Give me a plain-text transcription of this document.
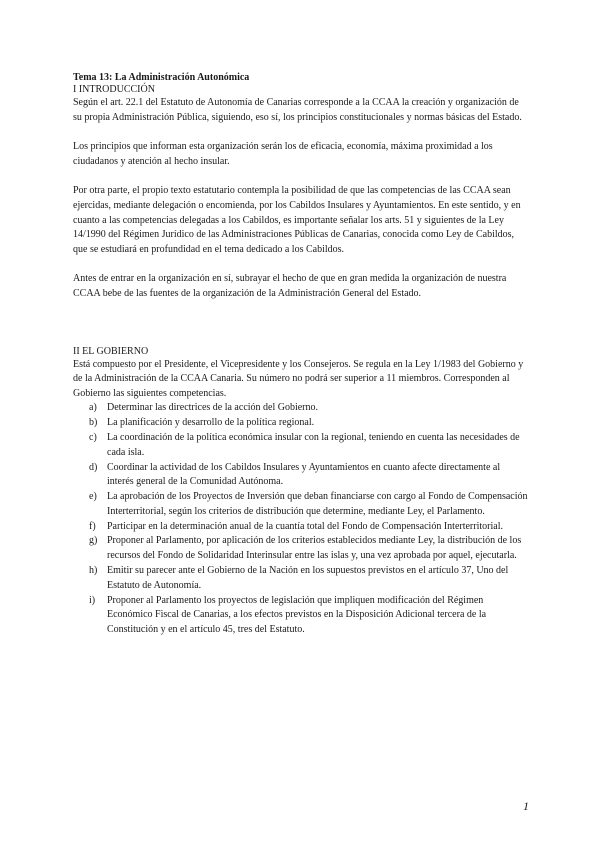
Tema 13: La Administración Autonómica
I INTRODUCCIÓN

Según el art. 22.1 del Estatuto de Autonomía de Canarias corresponde a la CCAA la creación y organización de su propia Administración Pública, siguiendo, eso sí, los principios constitucionales y normas básicas del Estado.

Los principios que informan esta organización serán los de eficacia, economía, máxima proximidad a los ciudadanos y atención al hecho insular.

Por otra parte, el propio texto estatutario contempla la posibilidad de que las competencias de las CCAA sean ejercidas, mediante delegación o encomienda, por los Cabildos Insulares y Ayuntamientos. En este sentido, y en cuanto a las competencias delegadas a los Cabildos, es importante señalar los arts. 51 y siguientes de la Ley 14/1990 del Régimen Jurídico de las Administraciones Públicas de Canarias, conocida como Ley de Cabildos, que se estudiará en profundidad en el tema dedicado a los Cabildos.

Antes de entrar en la organización en sí, subrayar el hecho de que en gran medida la organización de nuestra CCAA bebe de las fuentes de la organización de la Administración General del Estado.

II EL GOBIERNO

Está compuesto por el Presidente, el Vicepresidente y los Consejeros. Se regula en la Ley 1/1983 del Gobierno y de la Administración de la CCAA Canaria. Su número no podrá ser superior a 11 miembros. Corresponden al Gobierno las siguientes competencias.

a) Determinar las directrices de la acción del Gobierno.
b) La planificación y desarrollo de la política regional.
c) La coordinación de la política económica insular con la regional, teniendo en cuenta las necesidades de cada isla.
d) Coordinar la actividad de los Cabildos Insulares y Ayuntamientos en cuanto afecte directamente al interés general de la Comunidad Autónoma.
e) La aprobación de los Proyectos de Inversión que deban financiarse con cargo al Fondo de Compensación Interterritorial, según los criterios de distribución que determine, mediante Ley, el Parlamento.
f) Participar en la determinación anual de la cuantía total del Fondo de Compensación Interterritorial.
g) Proponer al Parlamento, por aplicación de los criterios establecidos mediante Ley, la distribución de los recursos del Fondo de Solidaridad Interinsular entre las islas y, una vez aprobada por aquel, ejecutarla.
h) Emitir su parecer ante el Gobierno de la Nación en los supuestos previstos en el artículo 37, Uno del Estatuto de Autonomía.
i) Proponer al Parlamento los proyectos de legislación que impliquen modificación del Régimen Económico Fiscal de Canarias, a los efectos previstos en la Disposición Adicional tercera de la Constitución y en el artículo 45, tres del Estatuto.
1
